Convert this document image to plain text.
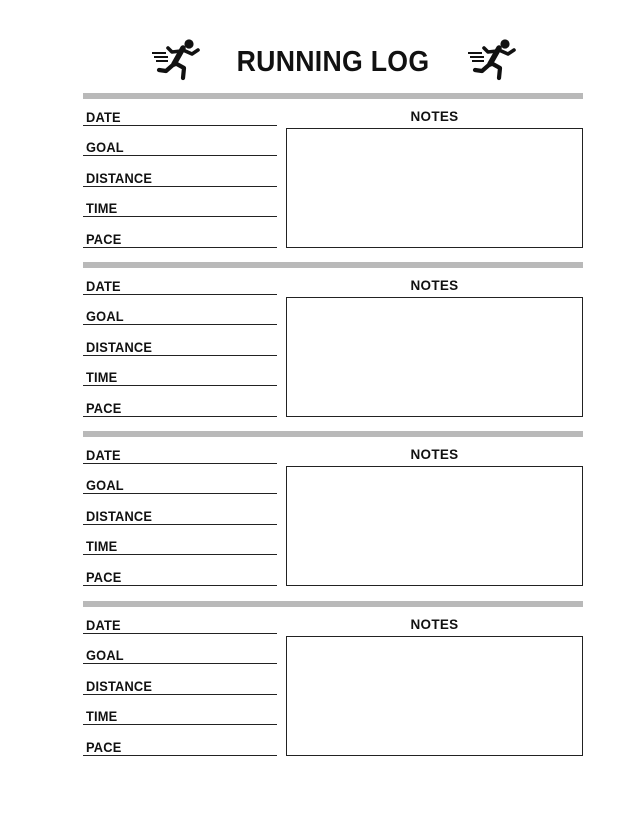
RUNNING LOG
DATE
GOAL
DISTANCE
TIME
PACE
NOTES
DATE
GOAL
DISTANCE
TIME
PACE
NOTES
DATE
GOAL
DISTANCE
TIME
PACE
NOTES
DATE
GOAL
DISTANCE
TIME
PACE
NOTES
